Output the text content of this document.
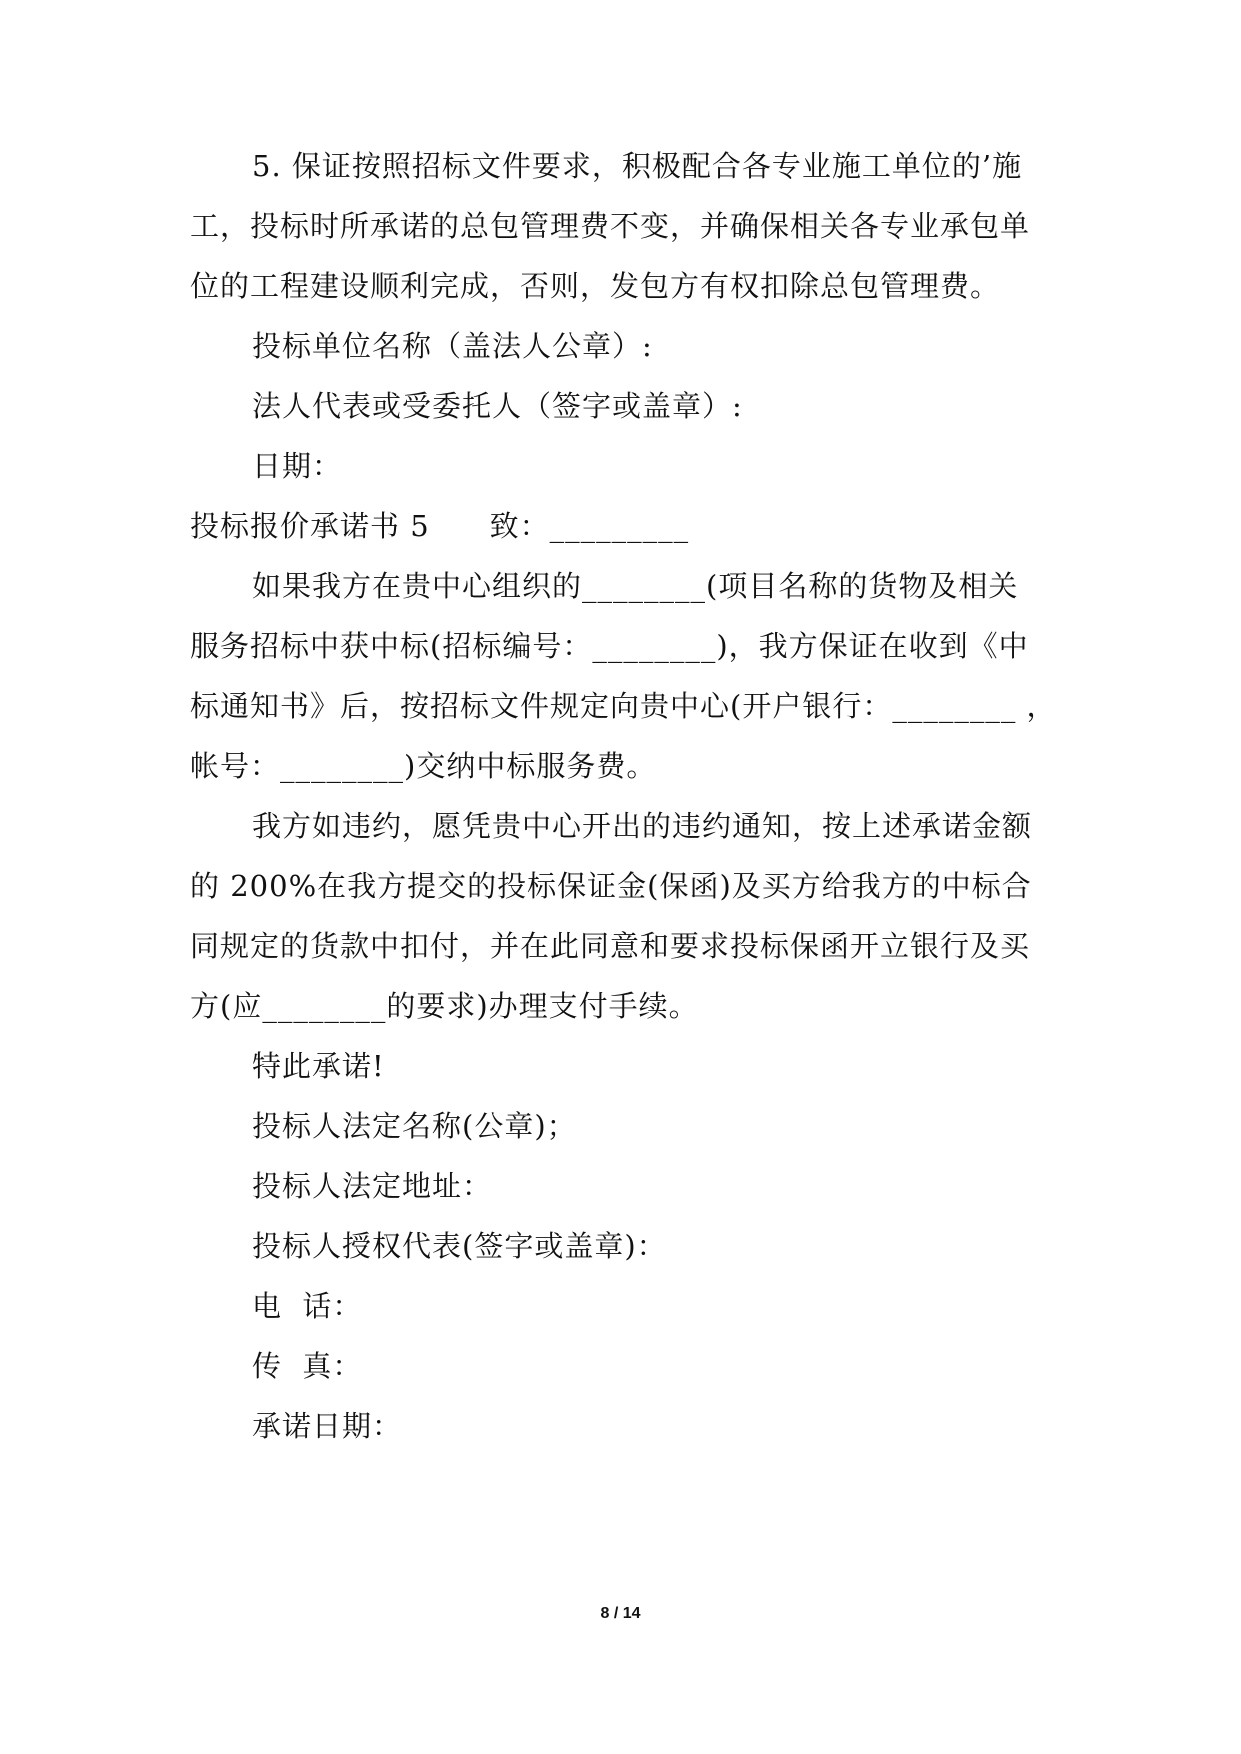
5. 保证按照招标文件要求，积极配合各专业施工单位的’施
工，投标时所承诺的总包管理费不变，并确保相关各专业承包单
位的工程建设顺利完成，否则，发包方有权扣除总包管理费。
投标单位名称（盖法人公章）:
法人代表或受委托人（签字或盖章）:
日期：
投标报价承诺书 5　　致：_________
如果我方在贵中心组织的________(项目名称的货物及相关
服务招标中获中标(招标编号：________)，我方保证在收到《中
标通知书》后，按招标文件规定向贵中心(开户银行：________ ，
帐号：________)交纳中标服务费。
我方如违约，愿凭贵中心开出的违约通知，按上述承诺金额
的 200%在我方提交的投标保证金(保函)及买方给我方的中标合
同规定的货款中扣付，并在此同意和要求投标保函开立银行及买
方(应________的要求)办理支付手续。
特此承诺!
投标人法定名称(公章)；
投标人法定地址：
投标人授权代表(签字或盖章)：
电  话：
传  真：
承诺日期：
8 / 14
